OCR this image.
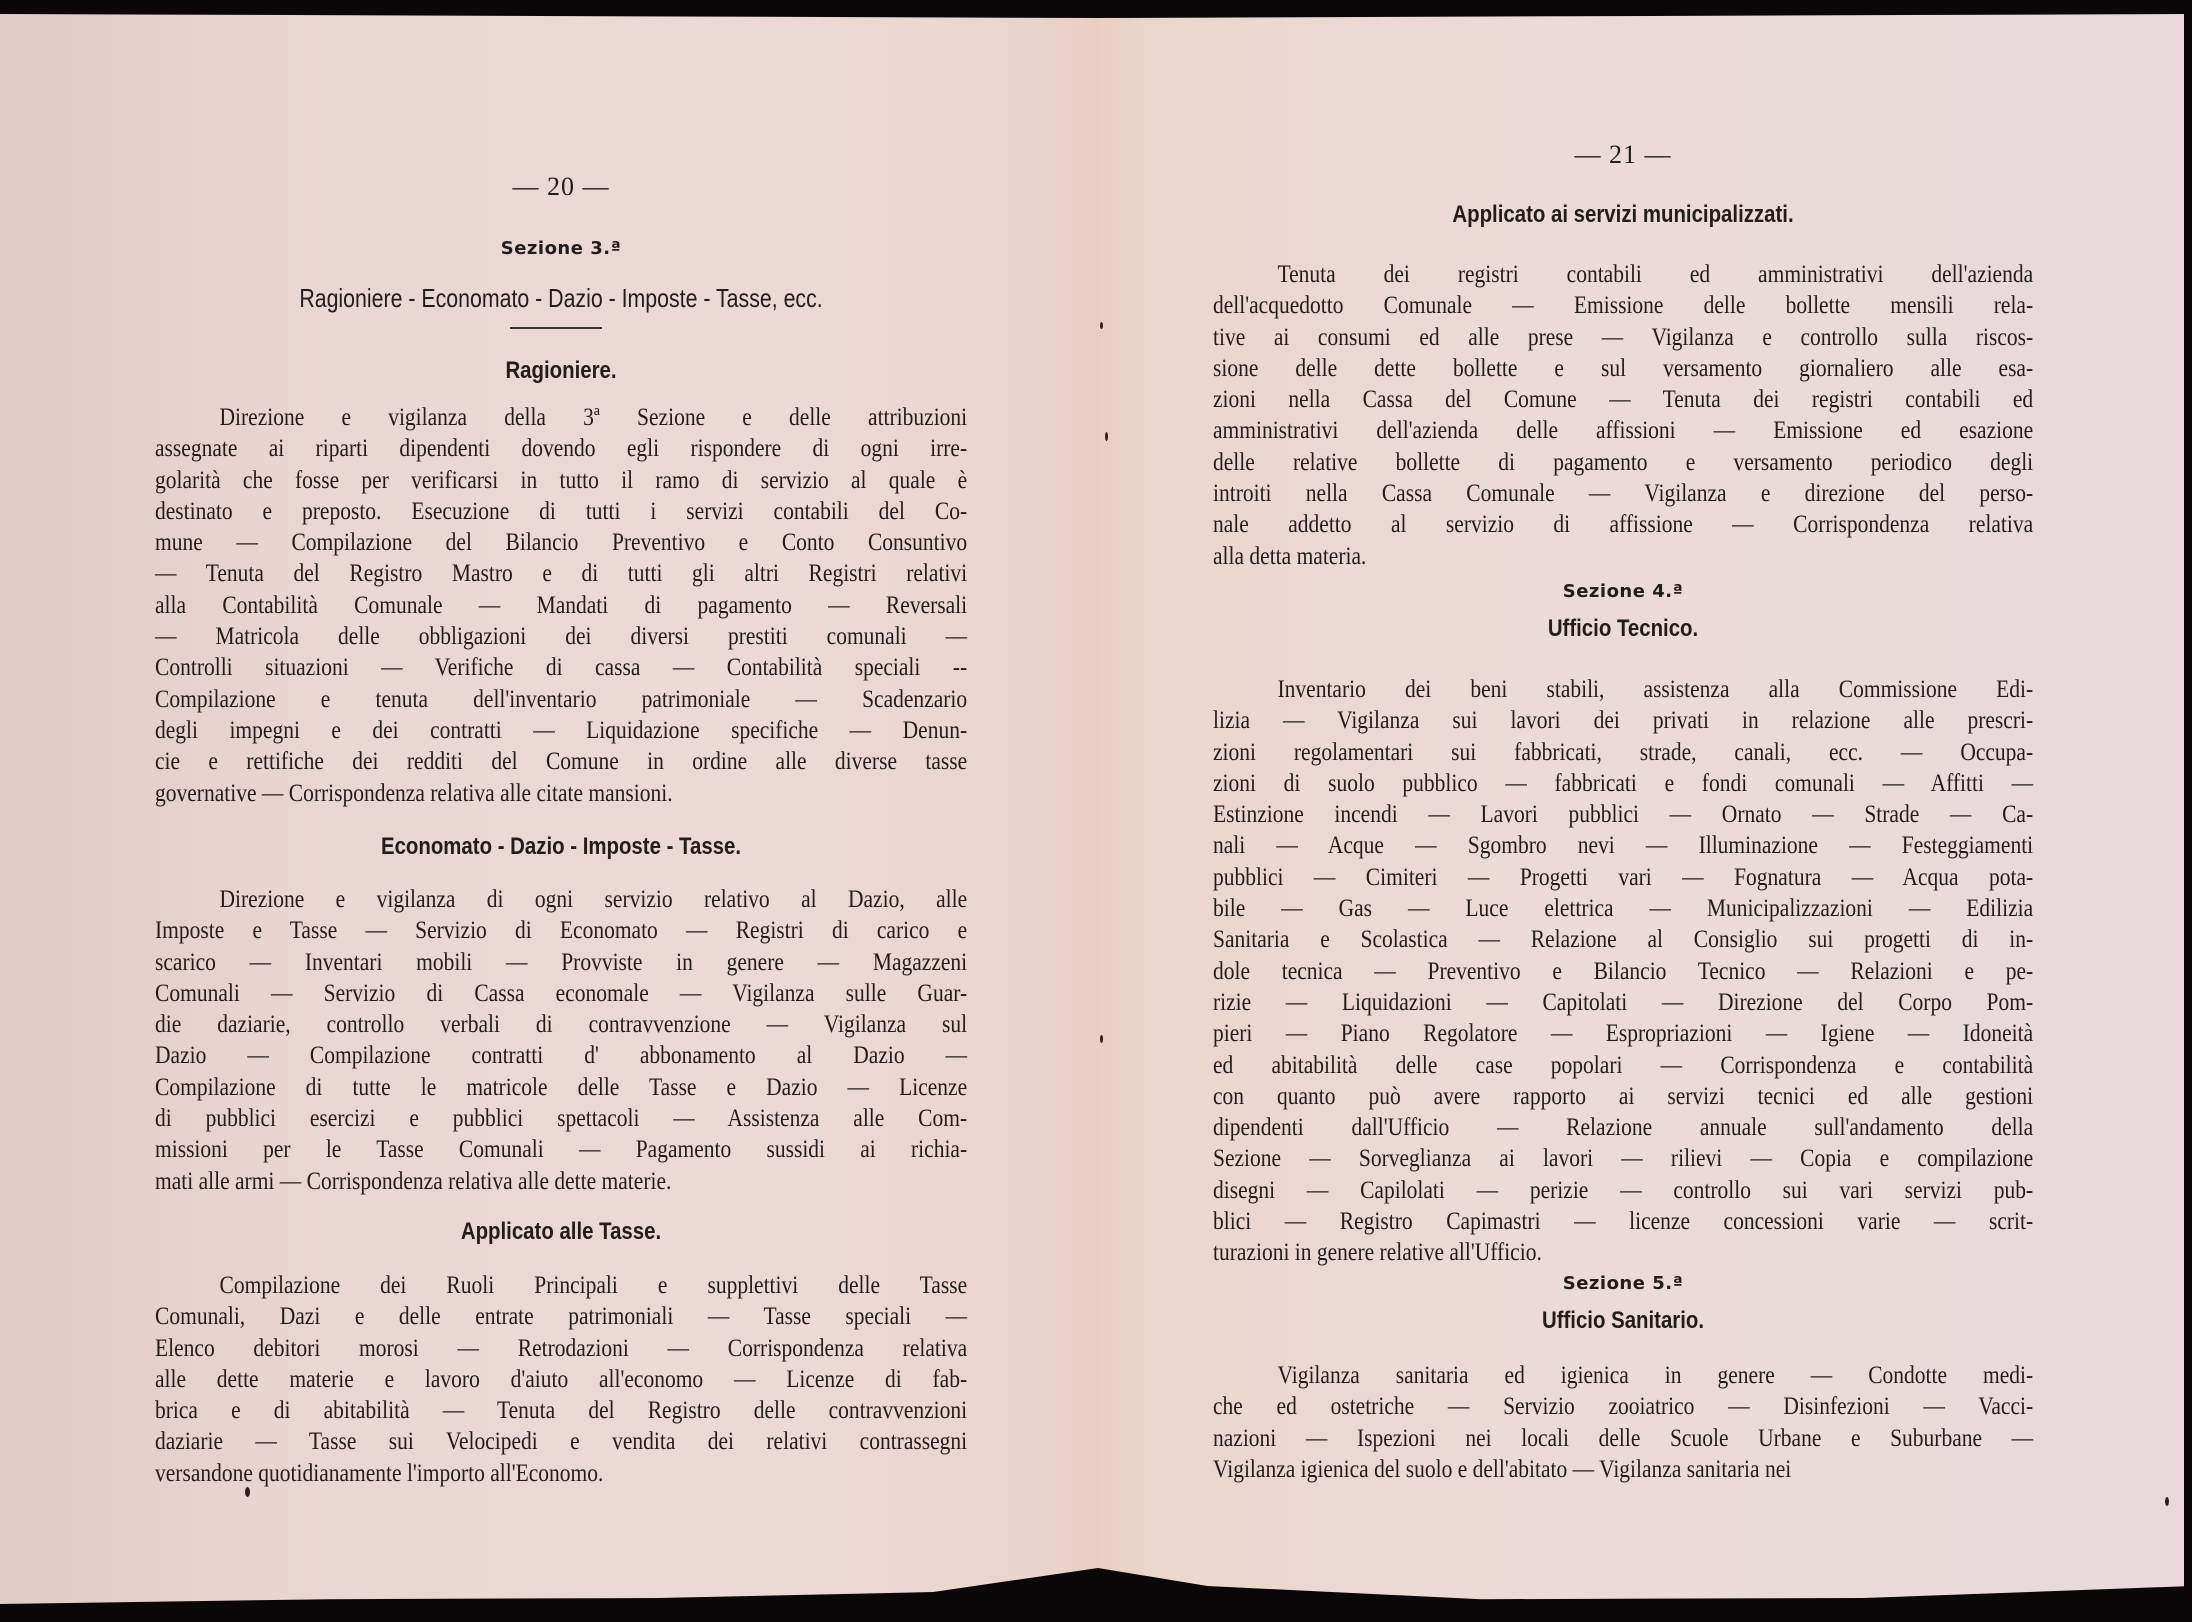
— 20 —
Sezione 3.ª
Ragioniere - Economato - Dazio - Imposte - Tasse, ecc.
Ragioniere.
Direzione e vigilanza della 3ª Sezione e delle attribuzioni
assegnate ai riparti dipendenti dovendo egli rispondere di ogni irre-
golarità che fosse per verificarsi in tutto il ramo di servizio al quale è
destinato e preposto. Esecuzione di tutti i servizi contabili del Co-
mune — Compilazione del Bilancio Preventivo e Conto Consuntivo
— Tenuta del Registro Mastro e di tutti gli altri Registri relativi
alla Contabilità Comunale — Mandati di pagamento — Reversali
— Matricola delle obbligazioni dei diversi prestiti comunali —
Controlli situazioni — Verifiche di cassa — Contabilità speciali --
Compilazione e tenuta dell'inventario patrimoniale — Scadenzario
degli impegni e dei contratti — Liquidazione specifiche — Denun-
cie e rettifiche dei redditi del Comune in ordine alle diverse tasse
governative — Corrispondenza relativa alle citate mansioni.
Economato - Dazio - Imposte - Tasse.
Direzione e vigilanza di ogni servizio relativo al Dazio, alle
Imposte e Tasse — Servizio di Economato — Registri di carico e
scarico — Inventari mobili — Provviste in genere — Magazzeni
Comunali — Servizio di Cassa economale — Vigilanza sulle Guar-
die daziarie, controllo verbali di contravvenzione — Vigilanza sul
Dazio — Compilazione contratti d' abbonamento al Dazio —
Compilazione di tutte le matricole delle Tasse e Dazio — Licenze
di pubblici esercizi e pubblici spettacoli — Assistenza alle Com-
missioni per le Tasse Comunali — Pagamento sussidi ai richia-
mati alle armi — Corrispondenza relativa alle dette materie.
Applicato alle Tasse.
Compilazione dei Ruoli Principali e supplettivi delle Tasse
Comunali, Dazi e delle entrate patrimoniali — Tasse speciali —
Elenco debitori morosi — Retrodazioni — Corrispondenza relativa
alle dette materie e lavoro d'aiuto all'economo — Licenze di fab-
brica e di abitabilità — Tenuta del Registro delle contravvenzioni
daziarie — Tasse sui Velocipedi e vendita dei relativi contrassegni
versandone quotidianamente l'importo all'Economo.
— 21 —
Applicato ai servizi municipalizzati.
Tenuta dei registri contabili ed amministrativi dell'azienda
dell'acquedotto Comunale — Emissione delle bollette mensili rela-
tive ai consumi ed alle prese — Vigilanza e controllo sulla riscos-
sione delle dette bollette e sul versamento giornaliero alle esa-
zioni nella Cassa del Comune — Tenuta dei registri contabili ed
amministrativi dell'azienda delle affissioni — Emissione ed esazione
delle relative bollette di pagamento e versamento periodico degli
introiti nella Cassa Comunale — Vigilanza e direzione del perso-
nale addetto al servizio di affissione — Corrispondenza relativa
alla detta materia.
Sezione 4.ª
Ufficio Tecnico.
Inventario dei beni stabili, assistenza alla Commissione Edi-
lizia — Vigilanza sui lavori dei privati in relazione alle prescri-
zioni regolamentari sui fabbricati, strade, canali, ecc. — Occupa-
zioni di suolo pubblico — fabbricati e fondi comunali — Affitti —
Estinzione incendi — Lavori pubblici — Ornato — Strade — Ca-
nali — Acque — Sgombro nevi — Illuminazione — Festeggiamenti
pubblici — Cimiteri — Progetti vari — Fognatura — Acqua pota-
bile — Gas — Luce elettrica — Municipalizzazioni — Edilizia
Sanitaria e Scolastica — Relazione al Consiglio sui progetti di in-
dole tecnica — Preventivo e Bilancio Tecnico — Relazioni e pe-
rizie — Liquidazioni — Capitolati — Direzione del Corpo Pom-
pieri — Piano Regolatore — Espropriazioni — Igiene — Idoneità
ed abitabilità delle case popolari — Corrispondenza e contabilità
con quanto può avere rapporto ai servizi tecnici ed alle gestioni
dipendenti dall'Ufficio — Relazione annuale sull'andamento della
Sezione — Sorveglianza ai lavori — rilievi — Copia e compilazione
disegni — Capilolati — perizie — controllo sui vari servizi pub-
blici — Registro Capimastri — licenze concessioni varie — scrit-
turazioni in genere relative all'Ufficio.
Sezione 5.ª
Ufficio Sanitario.
Vigilanza sanitaria ed igienica in genere — Condotte medi-
che ed ostetriche — Servizio zooiatrico — Disinfezioni — Vacci-
nazioni — Ispezioni nei locali delle Scuole Urbane e Suburbane —
Vigilanza igienica del suolo e dell'abitato — Vigilanza sanitaria nei
